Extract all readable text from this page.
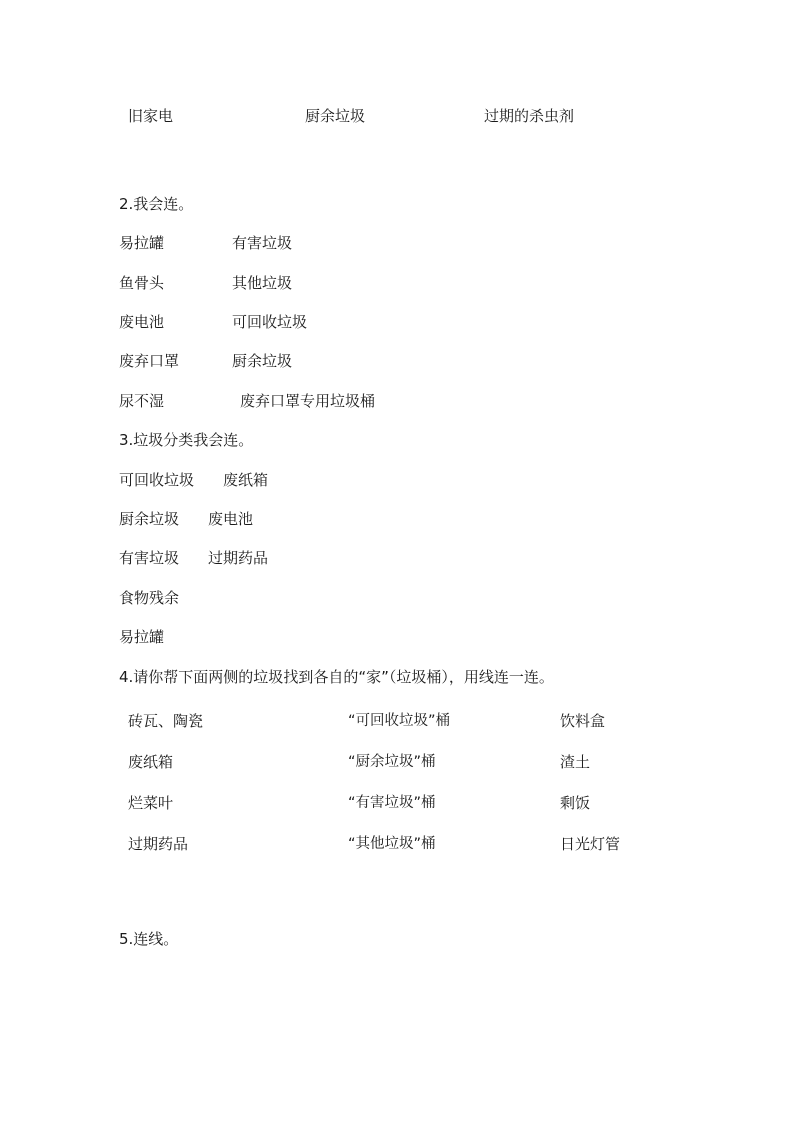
旧家电	厨余垃圾	过期的杀虫剂
2.我会连。
易拉罐	有害垃圾
鱼骨头	其他垃圾
废电池	可回收垃圾
废弃口罩	厨余垃圾
尿不湿	废弃口罩专用垃圾桶
3.垃圾分类我会连。
可回收垃圾 废纸箱
厨余垃圾 废电池
有害垃圾 过期药品
食物残余
易拉罐
4.请你帮下面两侧的垃圾找到各自的“家”（垃圾桶），用线连一连。
砖瓦、陶瓷	“可回收垃圾”桶	饮料盒
废纸箱	“厨余垃圾”桶	渣土
烂菜叶	“有害垃圾”桶	剩饭
过期药品	“其他垃圾”桶	日光灯管
5.连线。
